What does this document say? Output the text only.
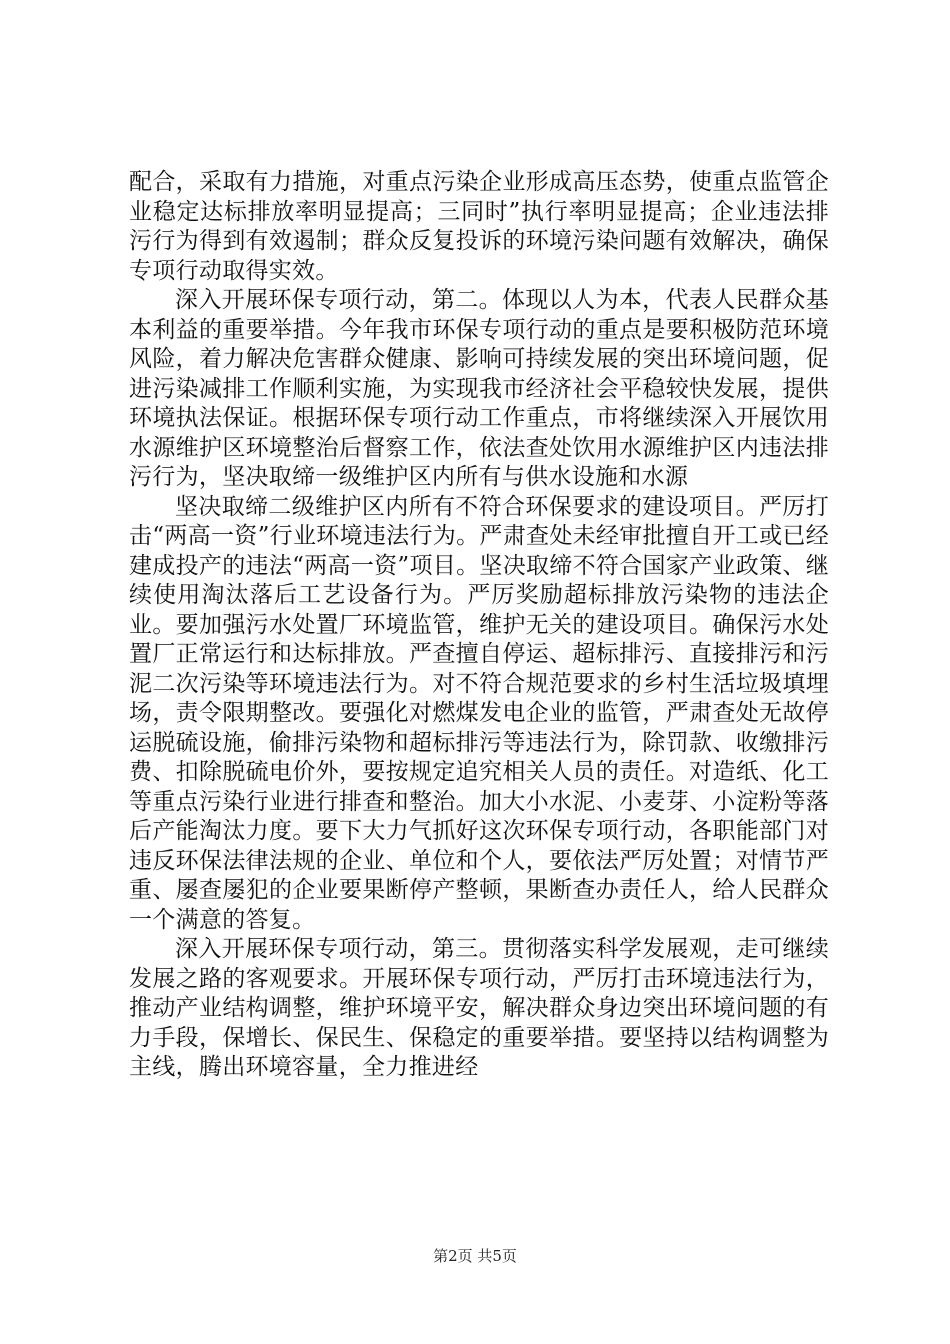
配合，采取有力措施，对重点污染企业形成高压态势，使重点监管企业稳定达标排放率明显提高；三同时”执行率明显提高；企业违法排污行为得到有效遏制；群众反复投诉的环境污染问题有效解决，确保专项行动取得实效。

深入开展环保专项行动，第二。体现以人为本，代表人民群众基本利益的重要举措。今年我市环保专项行动的重点是要积极防范环境风险，着力解决危害群众健康、影响可持续发展的突出环境问题，促进污染减排工作顺利实施，为实现我市经济社会平稳较快发展，提供环境执法保证。根据环保专项行动工作重点，市将继续深入开展饮用水源维护区环境整治后督察工作，依法查处饮用水源维护区内违法排污行为，坚决取缔一级维护区内所有与供水设施和水源

坚决取缔二级维护区内所有不符合环保要求的建设项目。严厉打击“两高一资”行业环境违法行为。严肃查处未经审批擅自开工或已经建成投产的违法“两高一资”项目。坚决取缔不符合国家产业政策、继续使用淘汰落后工艺设备行为。严厉奖励超标排放污染物的违法企业。要加强污水处置厂环境监管，维护无关的建设项目。确保污水处置厂正常运行和达标排放。严查擅自停运、超标排污、直接排污和污泥二次污染等环境违法行为。对不符合规范要求的乡村生活垃圾填埋场，责令限期整改。要强化对燃煤发电企业的监管，严肃查处无故停运脱硫设施，偷排污染物和超标排污等违法行为，除罚款、收缴排污费、扣除脱硫电价外，要按规定追究相关人员的责任。对造纸、化工等重点污染行业进行排查和整治。加大小水泥、小麦芽、小淀粉等落后产能淘汰力度。要下大力气抓好这次环保专项行动，各职能部门对违反环保法律法规的企业、单位和个人，要依法严厉处置；对情节严重、屡查屡犯的企业要果断停产整顿，果断查办责任人，给人民群众一个满意的答复。

深入开展环保专项行动，第三。贯彻落实科学发展观，走可继续发展之路的客观要求。开展环保专项行动，严厉打击环境违法行为，推动产业结构调整，维护环境平安，解决群众身边突出环境问题的有力手段，保增长、保民生、保稳定的重要举措。要坚持以结构调整为主线，腾出环境容量，全力推进经

第2页 共5页
